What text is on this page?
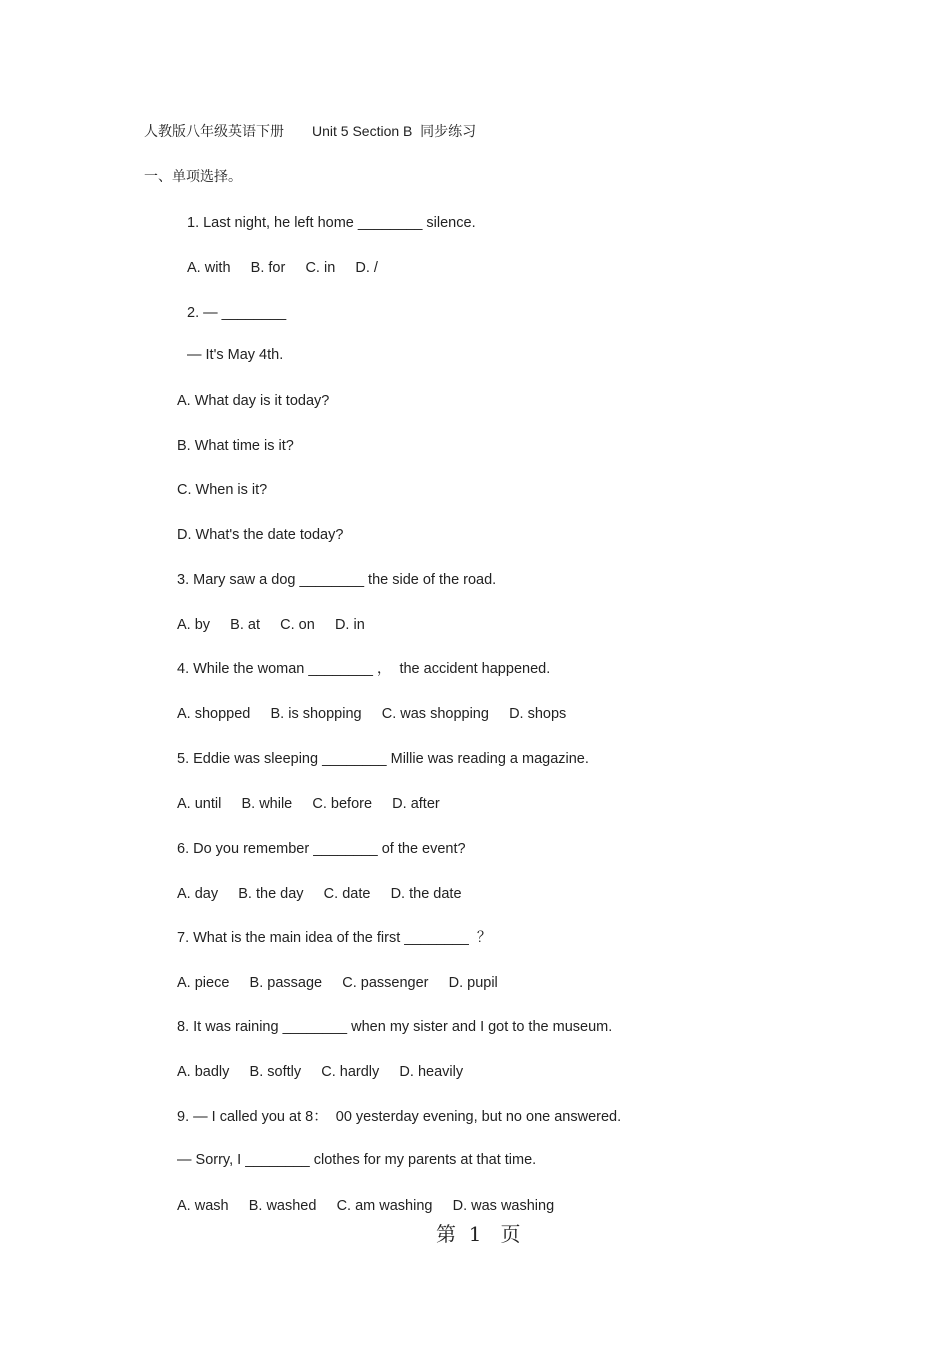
人教版八年级英语下册　　Unit 5 Section B  同步练习
一、单项选择。
1. Last night, he left home ________ silence.
A. with     B. for     C. in     D. /
2. — ________
— It's May 4th.
A. What day is it today?
B. What time is it?
C. When is it?
D. What's the date today?
3. Mary saw a dog ________ the side of the road.
A. by     B. at     C. on     D. in
4. While the woman ________ ，  the accident happened.
A. shopped     B. is shopping     C. was shopping     D. shops
5. Eddie was sleeping ________ Millie was reading a magazine.
A. until     B. while     C. before     D. after
6. Do you remember ________ of the event?
A. day     B. the day     C. date     D. the date
7. What is the main idea of the first ________  ？
A. piece     B. passage     C. passenger     D. pupil
8. It was raining ________ when my sister and I got to the museum.
A. badly     B. softly     C. hardly     D. heavily
9. — I called you at 8：  00 yesterday evening, but no one answered.
— Sorry, I ________ clothes for my parents at that time.
A. wash     B. washed     C. am washing     D. was washing
第  1   页
